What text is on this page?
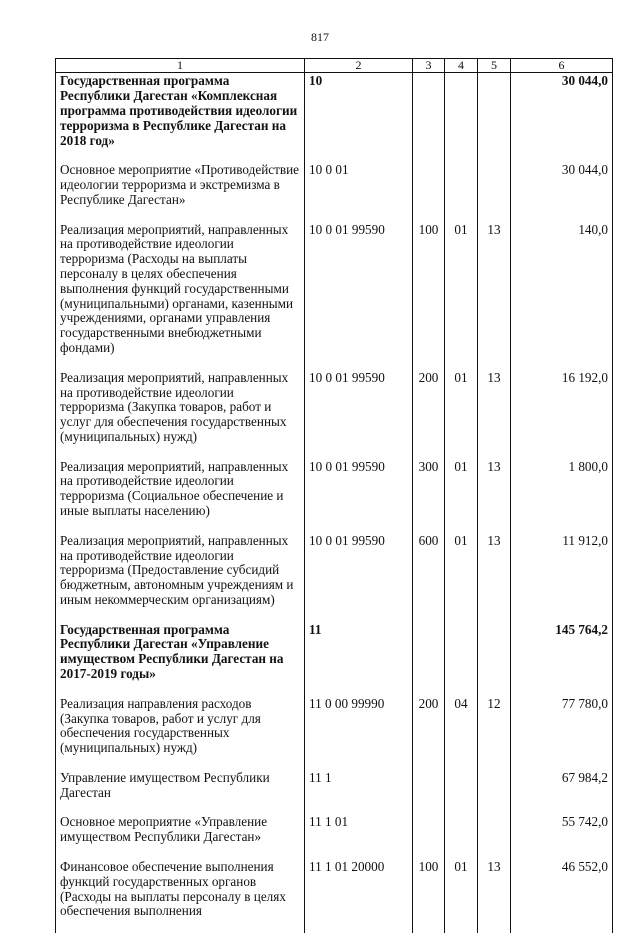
817
1	2	3	4	5	6
Государственная программа Республики Дагестан «Комплексная программа противодействия идеологии терроризма в Республике Дагестан на 2018 год»	10				30 044,0
Основное мероприятие «Противодействие идеологии терроризма и экстремизма в Республике Дагестан»	10 0 01				30 044,0
Реализация мероприятий, направленных на противодействие идеологии терроризма (Расходы на выплаты персоналу в целях обеспечения выполнения функций государственными (муниципальными) органами, казенными учреждениями, органами управления государственными внебюджетными фондами)	10 0 01 99590	100	01	13	140,0
Реализация мероприятий, направленных на противодействие идеологии терроризма (Закупка товаров, работ и услуг для обеспечения государственных (муниципальных) нужд)	10 0 01 99590	200	01	13	16 192,0
Реализация мероприятий, направленных на противодействие идеологии терроризма (Социальное обеспечение и иные выплаты населению)	10 0 01 99590	300	01	13	1 800,0
Реализация мероприятий, направленных на противодействие идеологии терроризма (Предоставление субсидий бюджетным, автономным учреждениям и иным некоммерческим организациям)	10 0 01 99590	600	01	13	11 912,0
Государственная программа Республики Дагестан «Управление имуществом Республики Дагестан на 2017-2019 годы»	11				145 764,2
Реализация направления расходов (Закупка товаров, работ и услуг для обеспечения государственных (муниципальных) нужд)	11 0 00 99990	200	04	12	77 780,0
Управление имуществом Республики Дагестан	11 1				67 984,2
Основное мероприятие «Управление имуществом Республики Дагестан»	11 1 01				55 742,0
Финансовое обеспечение выполнения функций государственных органов (Расходы на выплаты персоналу в целях обеспечения выполнения	11 1 01 20000	100	01	13	46 552,0
